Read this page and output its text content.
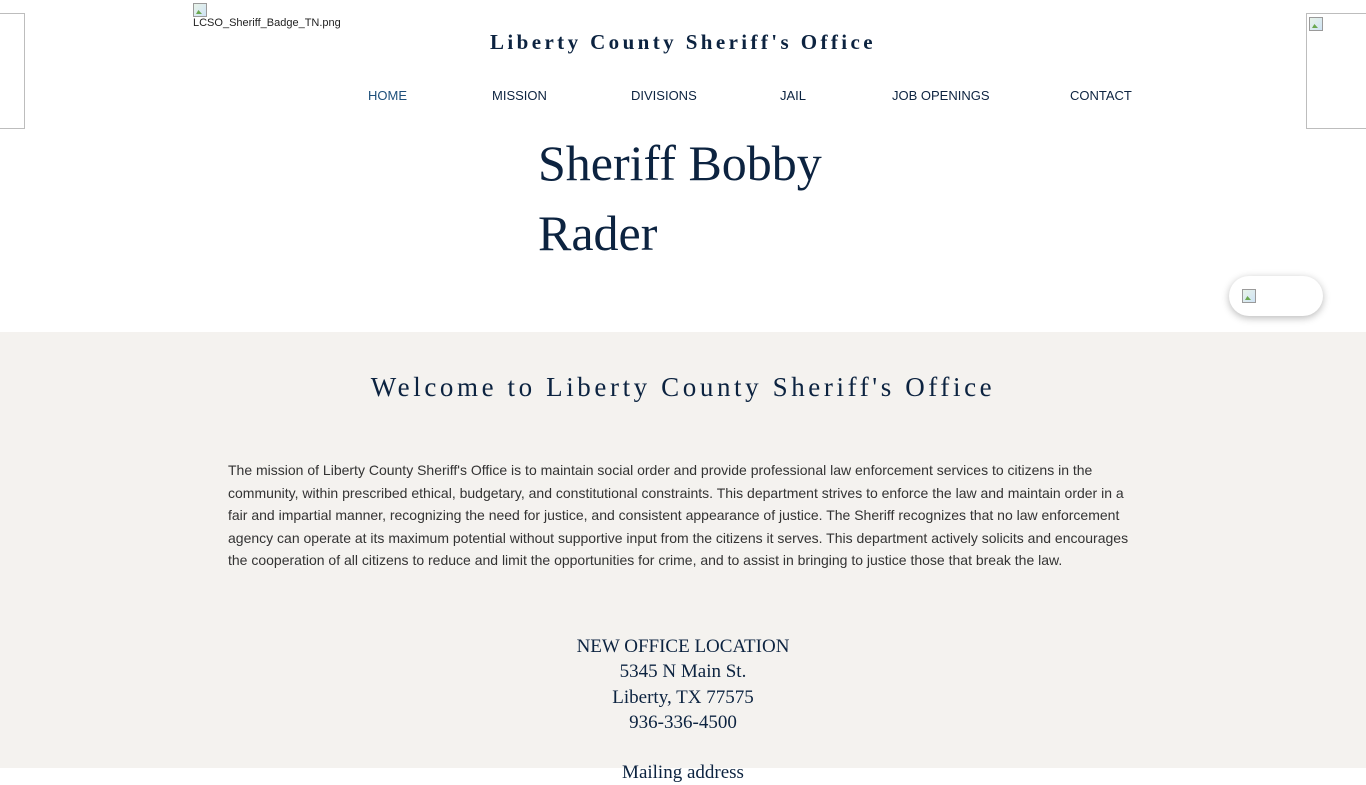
LCSO_Sheriff_Badge_TN.png
Liberty County Sheriff's Office
HOME	MISSION	DIVISIONS	JAIL	JOB OPENINGS	CONTACT
Sheriff Bobby
Rader
Welcome to Liberty County Sheriff's Office

The mission of Liberty County Sheriff's Office is to maintain social order and provide professional law enforcement services to citizens in the community, within prescribed ethical, budgetary, and constitutional constraints. This department strives to enforce the law and maintain order in a fair and impartial manner, recognizing the need for justice, and consistent appearance of justice. The Sheriff recognizes that no law enforcement agency can operate at its maximum potential without supportive input from the citizens it serves. This department actively solicits and encourages the cooperation of all citizens to reduce and limit the opportunities for crime, and to assist in bringing to justice those that break the law.

NEW OFFICE LOCATION
5345 N Main St.
Liberty, TX 77575
936-336-4500
Mailing address
